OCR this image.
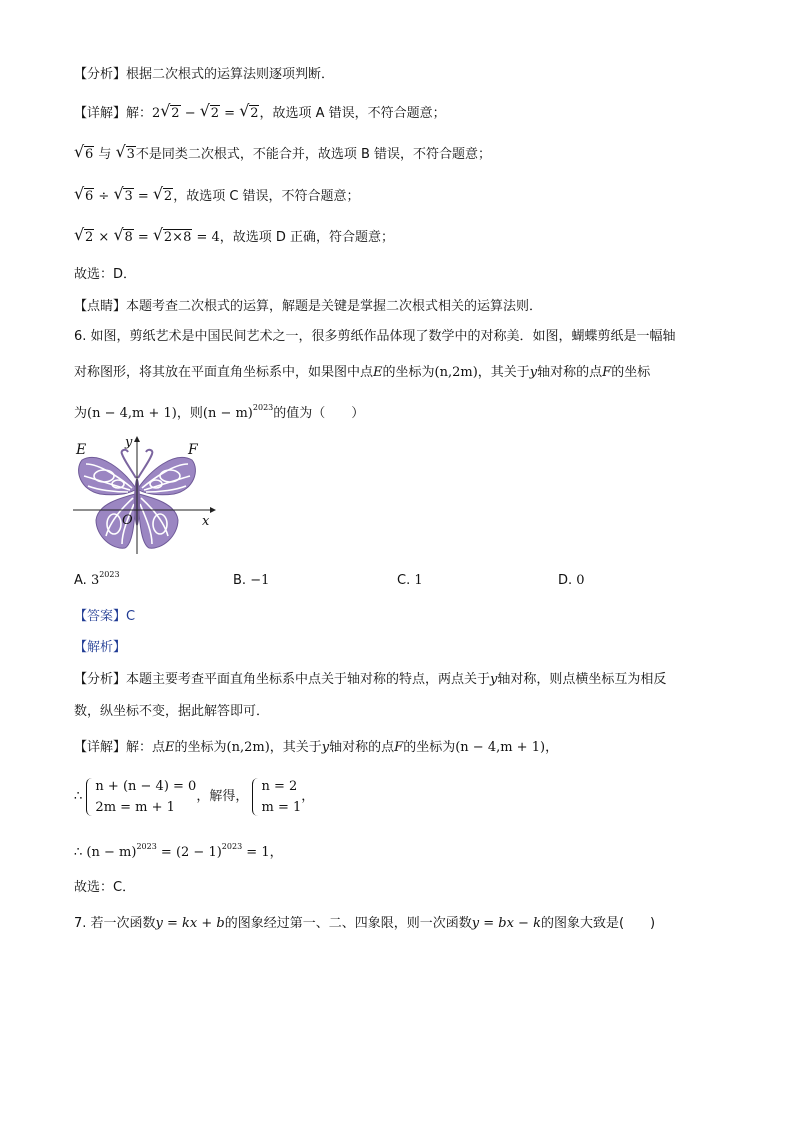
【分析】根据二次根式的运算法则逐项判断．
【详解】解：2 √ 2 − √ 2 = √ 2，故选项 A 错误，不符合题意；
√ 6 与 √ 3不是同类二次根式，不能合并，故选项 B 错误，不符合题意；
√ 6 ÷ √ 3 = √ 2，故选项 C 错误，不符合题意；
√ 2 × √ 8 = √ 2×8 = 4，故选项 D 正确，符合题意；
故选：D．
【点睛】本题考查二次根式的运算，解题是关键是掌握二次根式相关的运算法则．
6. 如图，剪纸艺术是中国民间艺术之一，很多剪纸作品体现了数学中的对称美．如图，蝴蝶剪纸是一幅轴
对称图形，将其放在平面直角坐标系中，如果图中点E的坐标为(n,2m)，其关于y轴对称的点F的坐标
为(n − 4,m + 1)，则$(n - m)^{2023}$的值为（　　）
E	F
y
x
O
A. $3^{2023}$	B. −1	C. 1	D. 0
【答案】C
【解析】
【分析】本题主要考查平面直角坐标系中点关于轴对称的特点，两点关于y轴对称，则点横坐标互为相反
数，纵坐标不变，据此解答即可．
【详解】解：点E的坐标为(n,2m)，其关于y轴对称的点F的坐标为(n − 4,m + 1)，
∴
n + (n − 4) = 0
2m = m + 1
，解得，
n = 2
m = 1
，
∴ $(n - m)^{2023} = (2 - 1)^{2023} = 1$，
故选：C．
7. 若一次函数y = kx + b的图象经过第一、二、四象限，则一次函数y = bx − k的图象大致是(　　)
